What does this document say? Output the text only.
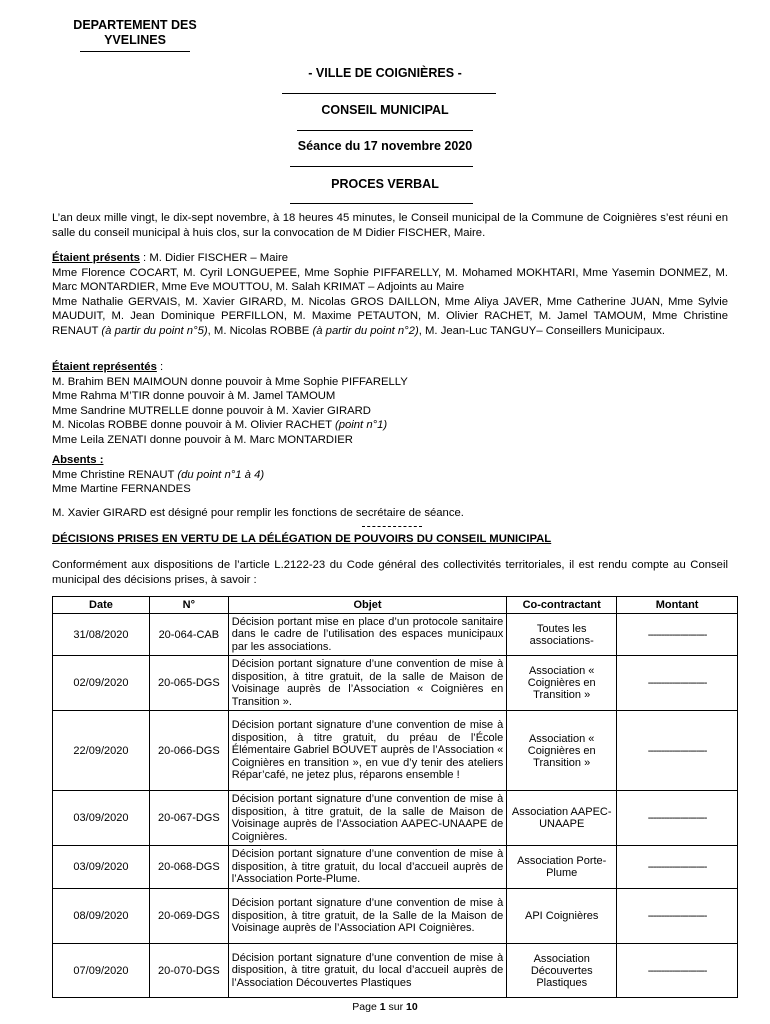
DEPARTEMENT DES YVELINES
- VILLE DE COIGNIÈRES -
CONSEIL MUNICIPAL
Séance du 17 novembre 2020
PROCES VERBAL
L’an deux mille vingt, le dix-sept novembre, à 18 heures 45 minutes, le Conseil municipal de la Commune de Coignières s’est réuni en salle du conseil municipal à huis clos, sur la convocation de M Didier FISCHER, Maire.
Étaient présents : M. Didier FISCHER – Maire
Mme Florence COCART, M. Cyril LONGUEPEE, Mme Sophie PIFFARELLY, M. Mohamed MOKHTARI, Mme Yasemin DONMEZ, M. Marc MONTARDIER, Mme Eve MOUTTOU, M. Salah KRIMAT – Adjoints au Maire
Mme Nathalie GERVAIS, M. Xavier GIRARD, M. Nicolas GROS DAILLON, Mme Aliya JAVER, Mme Catherine JUAN, Mme Sylvie MAUDUIT, M. Jean Dominique PERFILLON, M. Maxime PETAUTON, M. Olivier RACHET, M. Jamel TAMOUM, Mme Christine RENAUT (à partir du point n°5), M. Nicolas ROBBE (à partir du point n°2), M. Jean-Luc TANGUY– Conseillers Municipaux.
Étaient représentés :
M. Brahim BEN MAIMOUN donne pouvoir à Mme Sophie PIFFARELLY
Mme Rahma M’TIR donne pouvoir à M. Jamel TAMOUM
Mme Sandrine MUTRELLE donne pouvoir à M. Xavier GIRARD
M. Nicolas ROBBE donne pouvoir à M. Olivier RACHET (point n°1)
Mme Leila ZENATI donne pouvoir à M. Marc MONTARDIER
Absents :
Mme Christine RENAUT (du point n°1 à 4)
Mme Martine FERNANDES
M. Xavier GIRARD est désigné pour remplir les fonctions de secrétaire de séance.
DÉCISIONS PRISES EN VERTU DE LA DÉLÉGATION DE POUVOIRS DU CONSEIL MUNICIPAL
Conformément aux dispositions de l’article L.2122-23 du Code général des collectivités territoriales, il est rendu compte au Conseil municipal des décisions prises, à savoir :
Date	N°	Objet	Co-contractant	Montant
31/08/2020	20-064-CAB	Décision portant mise en place d’un protocole sanitaire dans le cadre de l’utilisation des espaces municipaux par les associations.	Toutes les associations-	----------------------
02/09/2020	20-065-DGS	Décision portant signature d’une convention de mise à disposition, à titre gratuit, de la salle de Maison de Voisinage auprès de l’Association « Coignières en Transition ».	Association « Coignières en Transition »	----------------------
22/09/2020	20-066-DGS	Décision portant signature d’une convention de mise à disposition, à titre gratuit, du préau de l’École Élémentaire Gabriel BOUVET auprès de l’Association « Coignières en transition », en vue d’y tenir des ateliers Répar’café, ne jetez plus, réparons ensemble !	Association « Coignières en Transition »	----------------------
03/09/2020	20-067-DGS	Décision portant signature d’une convention de mise à disposition, à titre gratuit, de la salle de Maison de Voisinage auprès de l’Association AAPEC-UNAAPE de Coignières.	Association AAPEC-UNAAPE	----------------------
03/09/2020	20-068-DGS	Décision portant signature d’une convention de mise à disposition, à titre gratuit, du local d’accueil auprès de l’Association Porte-Plume.	Association Porte-Plume	----------------------
08/09/2020	20-069-DGS	Décision portant signature d’une convention de mise à disposition, à titre gratuit, de la Salle de la Maison de Voisinage auprès de l’Association API Coignières.	API Coignières	----------------------
07/09/2020	20-070-DGS	Décision portant signature d’une convention de mise à disposition, à titre gratuit, du local d’accueil auprès de l’Association Découvertes Plastiques	Association Découvertes Plastiques	----------------------
Page 1 sur 10
